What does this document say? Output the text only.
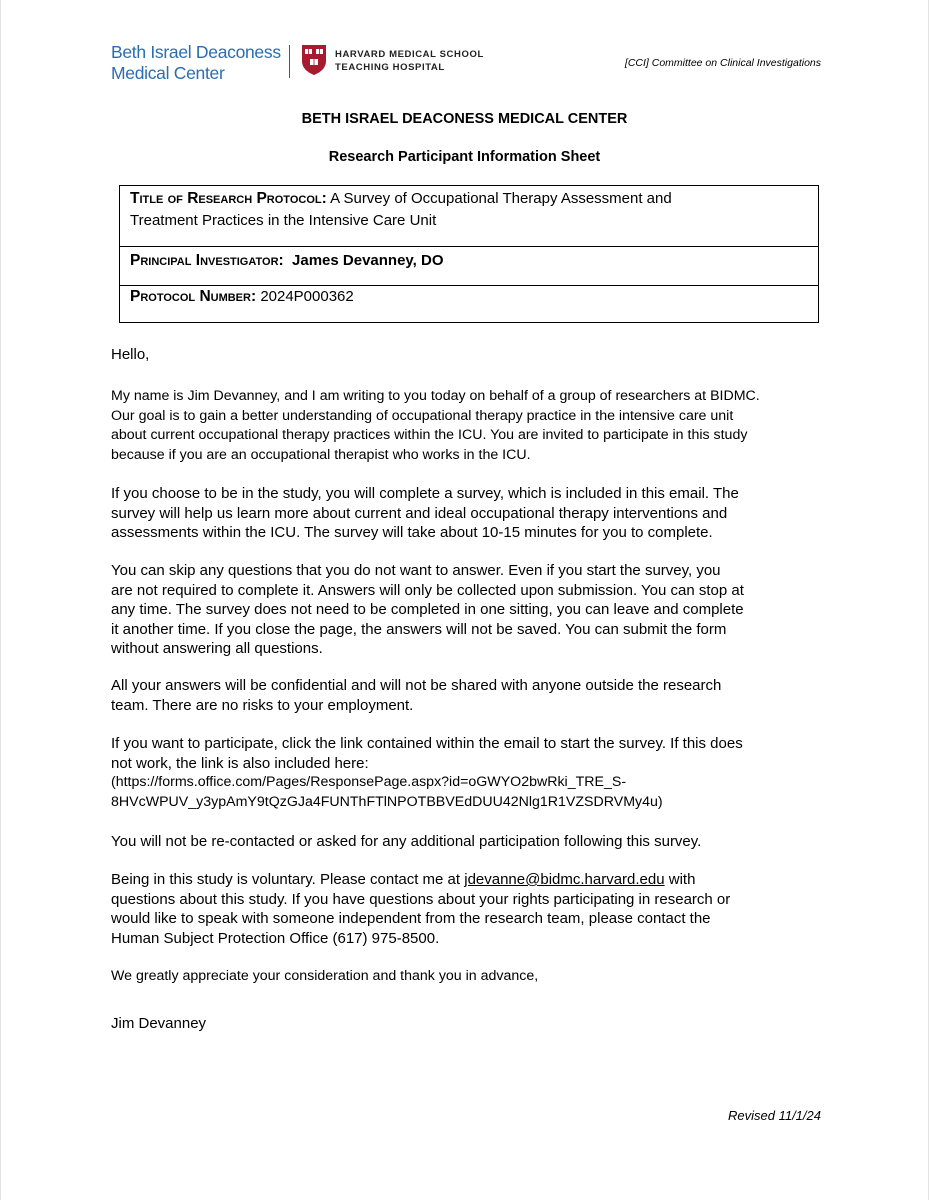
Beth Israel Deaconess
Medical Center
HARVARD MEDICAL SCHOOL
TEACHING HOSPITAL	[CCI] Committee on Clinical Investigations
BETH ISRAEL DEACONESS MEDICAL CENTER
Research Participant Information Sheet
Title of Research Protocol: A Survey of Occupational Therapy Assessment and
Treatment Practices in the Intensive Care Unit
Principal Investigator: James Devanney, DO
Protocol Number: 2024P000362

Hello,

My name is Jim Devanney, and I am writing to you today on behalf of a group of researchers at BIDMC.
Our goal is to gain a better understanding of occupational therapy practice in the intensive care unit
about current occupational therapy practices within the ICU. You are invited to participate in this study
because if you are an occupational therapist who works in the ICU.

If you choose to be in the study, you will complete a survey, which is included in this email. The
survey will help us learn more about current and ideal occupational therapy interventions and
assessments within the ICU. The survey will take about 10-15 minutes for you to complete.

You can skip any questions that you do not want to answer. Even if you start the survey, you
are not required to complete it. Answers will only be collected upon submission. You can stop at
any time. The survey does not need to be completed in one sitting, you can leave and complete
it another time. If you close the page, the answers will not be saved. You can submit the form
without answering all questions.

All your answers will be confidential and will not be shared with anyone outside the research
team. There are no risks to your employment.

If you want to participate, click the link contained within the email to start the survey. If this does
not work, the link is also included here:

(https://forms.office.com/Pages/ResponsePage.aspx?id=oGWYO2bwRki_TRE_S-
8HVcWPUV_y3ypAmY9tQzGJa4FUNThFTlNPOTBBVEdDUU42Nlg1R1VZSDRVMy4u)

You will not be re-contacted or asked for any additional participation following this survey.

Being in this study is voluntary. Please contact me at jdevanne@bidmc.harvard.edu with
questions about this study. If you have questions about your rights participating in research or
would like to speak with someone independent from the research team, please contact the
Human Subject Protection Office (617) 975-8500.

We greatly appreciate your consideration and thank you in advance,

Jim Devanney

Revised 11/1/24
